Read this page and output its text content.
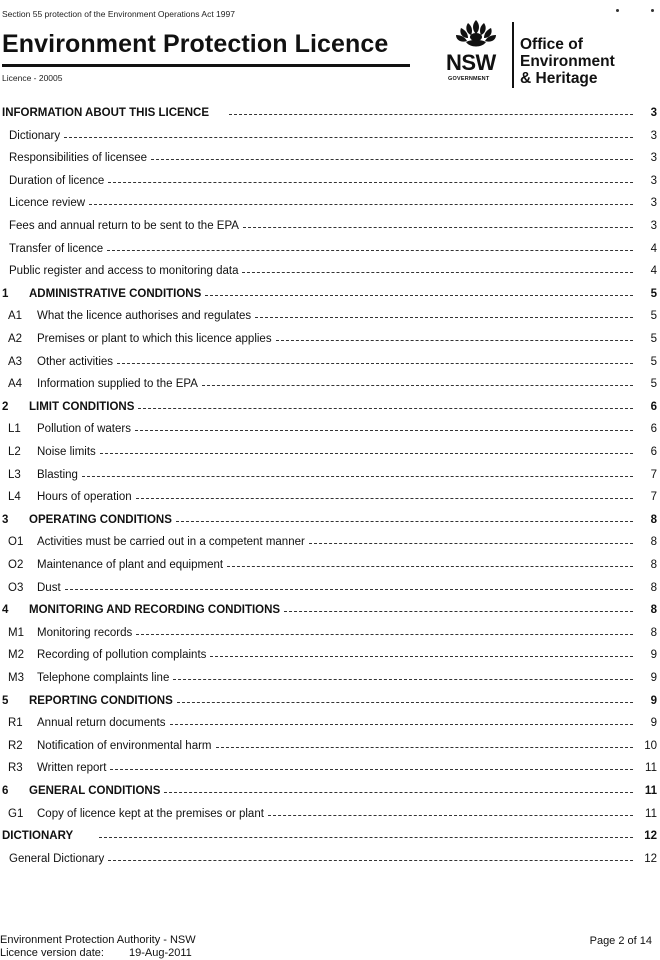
Section 55 protection of the Environment Operations Act 1997
Environment Protection Licence
Licence - 20005
NSW
GOVERNMENT
Office of
Environment
& Heritage
INFORMATION ABOUT THIS LICENCE	3
Dictionary	3
Responsibilities of licensee	3
Duration of licence	3
Licence review	3
Fees and annual return to be sent to the EPA	3
Transfer of licence	4
Public register and access to monitoring data	4
1	ADMINISTRATIVE CONDITIONS	5
A1	What the licence authorises and regulates	5
A2	Premises or plant to which this licence applies	5
A3	Other activities	5
A4	Information supplied to the EPA	5
2	LIMIT CONDITIONS	6
L1	Pollution of waters	6
L2	Noise limits	6
L3	Blasting	7
L4	Hours of operation	7
3	OPERATING CONDITIONS	8
O1	Activities must be carried out in a competent manner	8
O2	Maintenance of plant and equipment	8
O3	Dust	8
4	MONITORING AND RECORDING CONDITIONS	8
M1	Monitoring records	8
M2	Recording of pollution complaints	9
M3	Telephone complaints line	9
5	REPORTING CONDITIONS	9
R1	Annual return documents	9
R2	Notification of environmental harm	10
R3	Written report	11
6	GENERAL CONDITIONS	11
G1	Copy of licence kept at the premises or plant	11
DICTIONARY	12
General Dictionary	12
Environment Protection Authority - NSW
Licence version date: 19-Aug-2011
Page 2 of 14
